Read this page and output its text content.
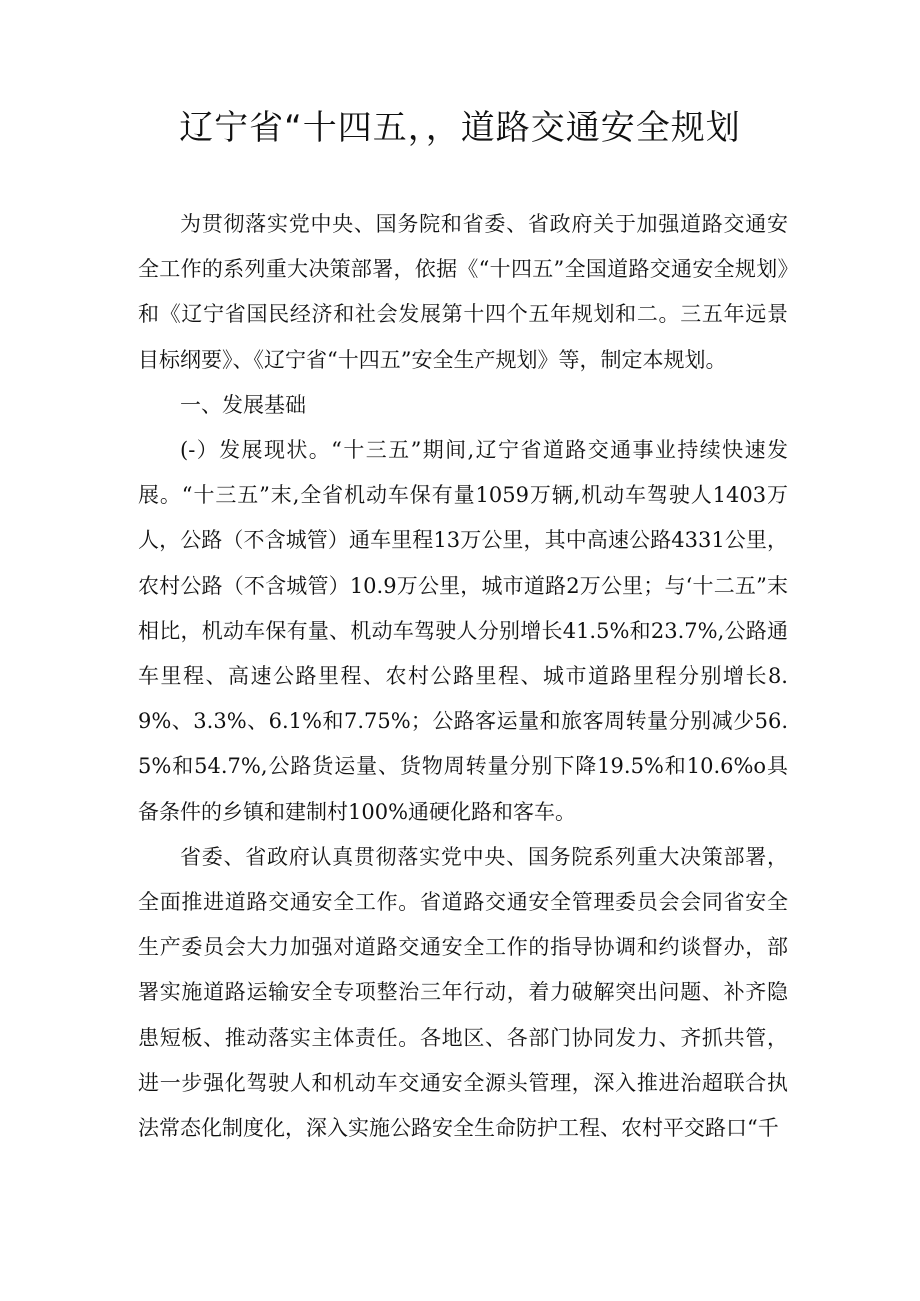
辽宁省“十四五，，道路交通安全规划

为贯彻落实党中央、国务院和省委、省政府关于加强道路交通安全工作的系列重大决策部署，依据《“十四五”全国道路交通安全规划》和《辽宁省国民经济和社会发展第十四个五年规划和二。三五年远景目标纲要》、《辽宁省“十四五”安全生产规划》等，制定本规划。

一、发展基础

(-）发展现状。“十三五”期间,辽宁省道路交通事业持续快速发展。“十三五”末,全省机动车保有量1059万辆,机动车驾驶人1403万人，公路（不含城管）通车里程13万公里，其中高速公路4331公里，农村公路（不含城管）10.9万公里，城市道路2万公里；与‘十二五”末相比，机动车保有量、机动车驾驶人分别增长41.5%和23.7%,公路通车里程、高速公路里程、农村公路里程、城市道路里程分别增长8.9%、3.3%、6.1%和7.75%；公路客运量和旅客周转量分别减少56.5%和54.7%,公路货运量、货物周转量分别下降19.5%和10.6%o具备条件的乡镇和建制村100%通硬化路和客车。

省委、省政府认真贯彻落实党中央、国务院系列重大决策部署，全面推进道路交通安全工作。省道路交通安全管理委员会会同省安全生产委员会大力加强对道路交通安全工作的指导协调和约谈督办，部署实施道路运输安全专项整治三年行动，着力破解突出问题、补齐隐患短板、推动落实主体责任。各地区、各部门协同发力、齐抓共管，进一步强化驾驶人和机动车交通安全源头管理，深入推进治超联合执法常态化制度化，深入实施公路安全生命防护工程、农村平交路口“千
